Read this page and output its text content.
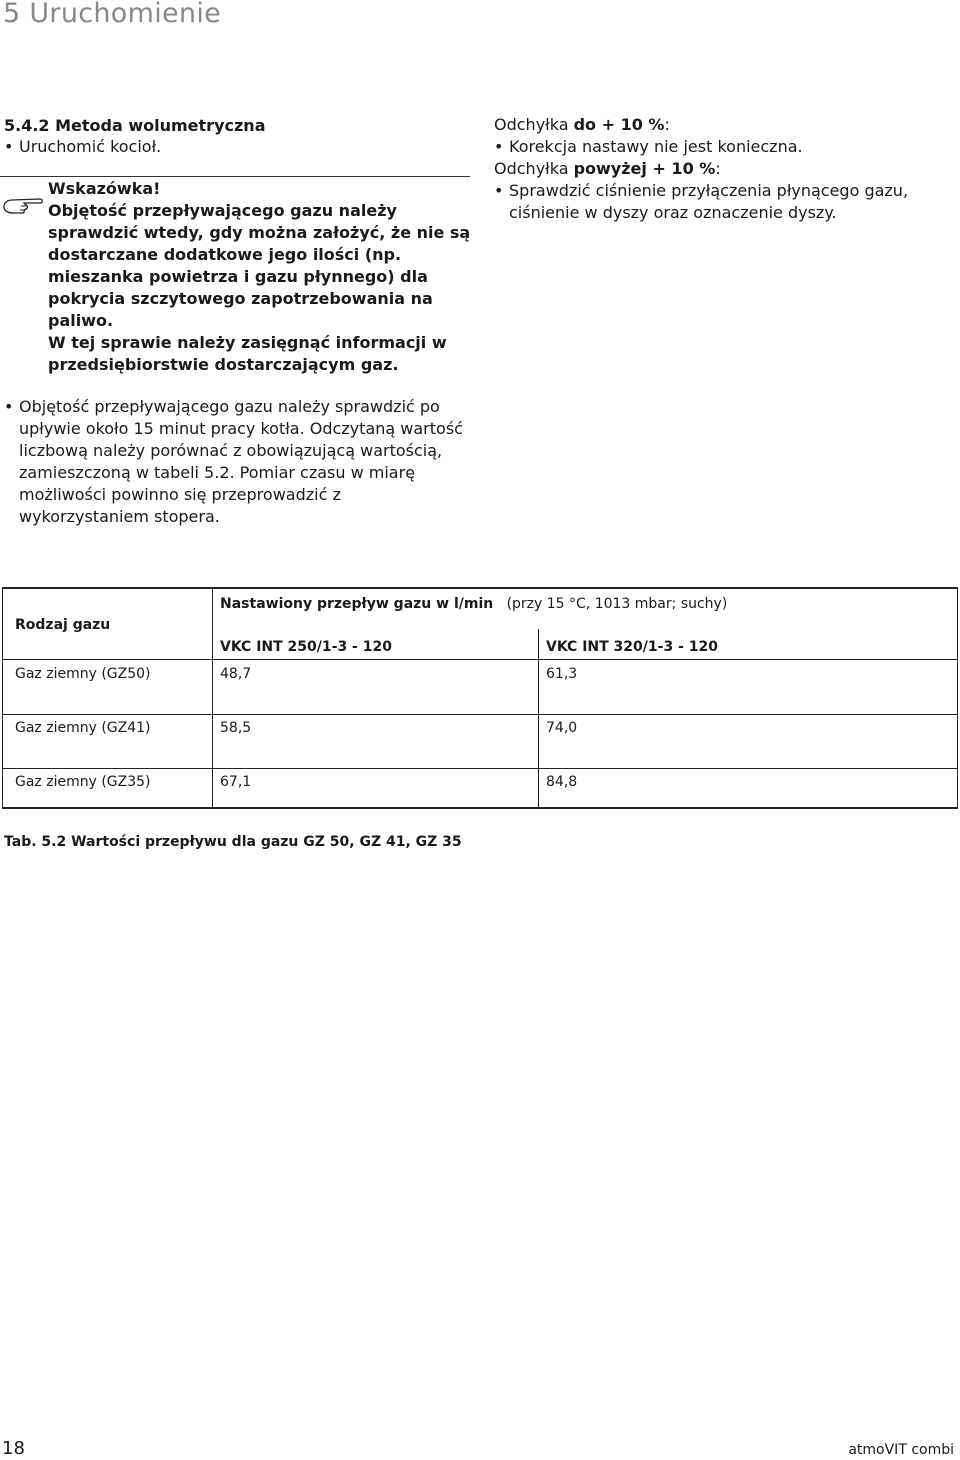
5 Uruchomienie
5.4.2 Metoda wolumetryczna
• Uruchomić kocioł.
Wskazówka!
Objętość przepływającego gazu należy
sprawdzić wtedy, gdy można założyć, że nie są
dostarczane dodatkowe jego ilości (np.
mieszanka powietrza i gazu płynnego) dla
pokrycia szczytowego zapotrzebowania na
paliwo.
W tej sprawie należy zasięgnąć informacji w
przedsiębiorstwie dostarczającym gaz.
• Objętość przepływającego gazu należy sprawdzić po
upływie około 15 minut pracy kotła. Odczytaną wartość
liczbową należy porównać z obowiązującą wartością,
zamieszczoną w tabeli 5.2. Pomiar czasu w miarę
możliwości powinno się przeprowadzić z
wykorzystaniem stopera.
Odchyłka do + 10 %:
• Korekcja nastawy nie jest konieczna.
Odchyłka powyżej + 10 %:
• Sprawdzić ciśnienie przyłączenia płynącego gazu,
ciśnienie w dyszy oraz oznaczenie dyszy.
Rodzaj gazu
Nastawiony przepływ gazu w l/min (przy 15 °C, 1013 mbar; suchy)
VKC INT 250/1-3 - 120	VKC INT 320/1-3 - 120
Gaz ziemny (GZ50)	48,7	61,3
Gaz ziemny (GZ41)	58,5	74,0
Gaz ziemny (GZ35)	67,1	84,8
Tab. 5.2 Wartości przepływu dla gazu GZ 50, GZ 41, GZ 35
18	atmoVIT combi
